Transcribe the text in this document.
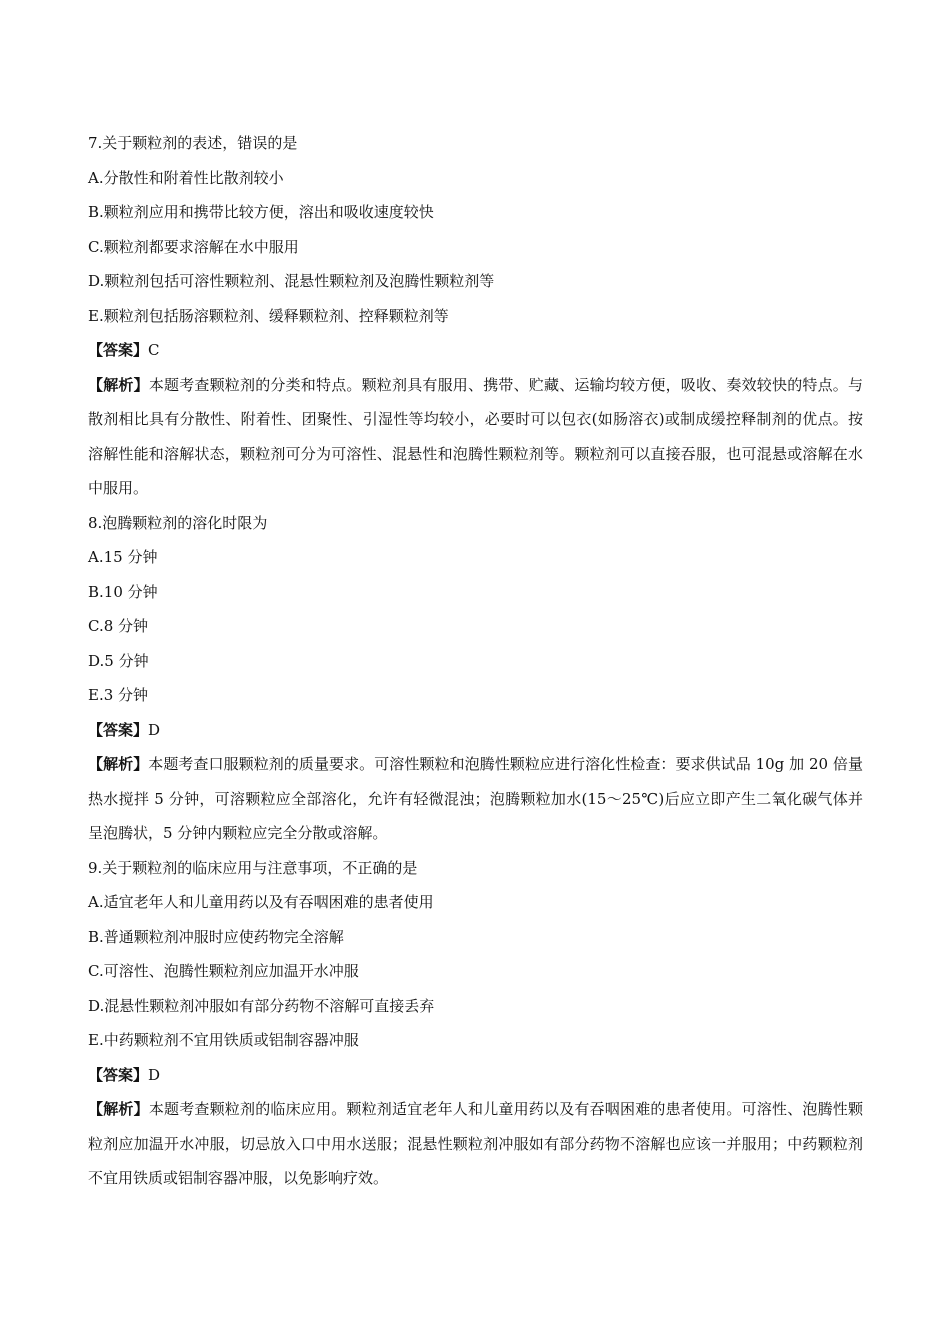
7.关于颗粒剂的表述，错误的是

A.分散性和附着性比散剂较小

B.颗粒剂应用和携带比较方便，溶出和吸收速度较快

C.颗粒剂都要求溶解在水中服用

D.颗粒剂包括可溶性颗粒剂、混悬性颗粒剂及泡腾性颗粒剂等

E.颗粒剂包括肠溶颗粒剂、缓释颗粒剂、控释颗粒剂等

【答案】C

【解析】本题考查颗粒剂的分类和特点。颗粒剂具有服用、携带、贮藏、运输均较方便，吸收、奏效较快的特点。与散剂相比具有分散性、附着性、团聚性、引湿性等均较小，必要时可以包衣(如肠溶衣)或制成缓控释制剂的优点。按溶解性能和溶解状态，颗粒剂可分为可溶性、混悬性和泡腾性颗粒剂等。颗粒剂可以直接吞服，也可混悬或溶解在水中服用。

8.泡腾颗粒剂的溶化时限为

A.15 分钟

B.10 分钟

C.8 分钟

D.5 分钟

E.3 分钟

【答案】D

【解析】本题考查口服颗粒剂的质量要求。可溶性颗粒和泡腾性颗粒应进行溶化性检查：要求供试品 10g 加 20 倍量热水搅拌 5 分钟，可溶颗粒应全部溶化，允许有轻微混浊；泡腾颗粒加水(15～25℃)后应立即产生二氧化碳气体并呈泡腾状，5 分钟内颗粒应完全分散或溶解。

9.关于颗粒剂的临床应用与注意事项，不正确的是

A.适宜老年人和儿童用药以及有吞咽困难的患者使用

B.普通颗粒剂冲服时应使药物完全溶解

C.可溶性、泡腾性颗粒剂应加温开水冲服

D.混悬性颗粒剂冲服如有部分药物不溶解可直接丢弃

E.中药颗粒剂不宜用铁质或铝制容器冲服

【答案】D

【解析】本题考查颗粒剂的临床应用。颗粒剂适宜老年人和儿童用药以及有吞咽困难的患者使用。可溶性、泡腾性颗粒剂应加温开水冲服，切忌放入口中用水送服；混悬性颗粒剂冲服如有部分药物不溶解也应该一并服用；中药颗粒剂不宜用铁质或铝制容器冲服，以免影响疗效。
